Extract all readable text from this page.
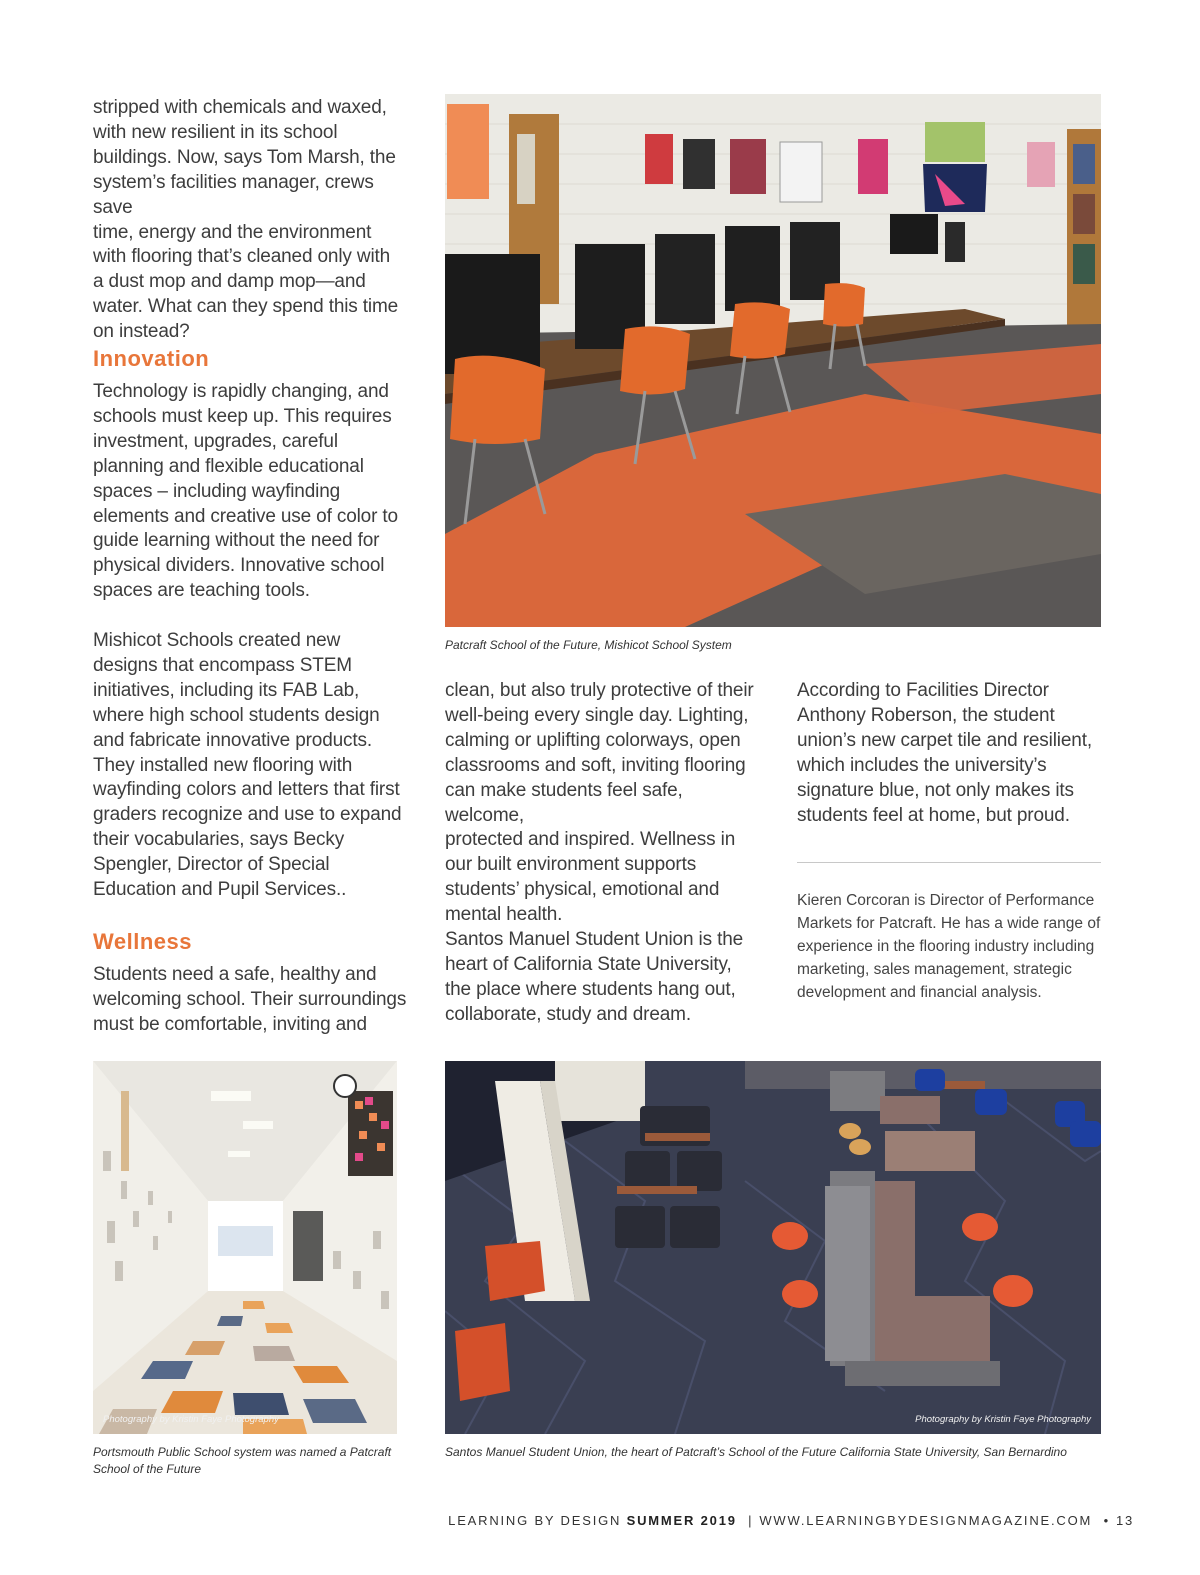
stripped with chemicals and waxed,

with new resilient in its school

buildings. Now, says Tom Marsh, the

system’s facilities manager, crews save

time, energy and the environment

with flooring that’s cleaned only with

a dust mop and damp mop—and

water. What can they spend this time

on instead?

Innovation

Technology is rapidly changing, and

schools must keep up. This requires

investment, upgrades, careful

planning and flexible educational

spaces – including wayfinding

elements and creative use of color to

guide learning without the need for

physical dividers. Innovative school

spaces are teaching tools.

Mishicot Schools created new

designs that encompass STEM

initiatives, including its FAB Lab,

where high school students design

and fabricate innovative products.

They installed new flooring with

wayfinding colors and letters that first

graders recognize and use to expand

their vocabularies, says Becky

Spengler, Director of Special

Education and Pupil Services..

Wellness

Students need a safe, healthy and

welcoming school. Their surroundings

must be comfortable, inviting and

Patcraft School of the Future, Mishicot School System

clean, but also truly protective of their

well-being every single day. Lighting,

calming or uplifting colorways, open

classrooms and soft, inviting flooring

can make students feel safe, welcome,

protected and inspired. Wellness in

our built environment supports

students’ physical, emotional and

mental health.

Santos Manuel Student Union is the

heart of California State University,

the place where students hang out,

collaborate, study and dream.

According to Facilities Director

Anthony Roberson, the student

union’s new carpet tile and resilient,

which includes the university’s

signature blue, not only makes its

students feel at home, but proud.

Kieren Corcoran is Director of Performance

Markets for Patcraft. He has a wide range of

experience in the flooring industry including

marketing, sales management, strategic

development and financial analysis.

Photography by Kristin Faye Photography
Portsmouth Public School system was named a Patcraft
School of the Future
Photography by Kristin Faye Photography
Santos Manuel Student Union, the heart of Patcraft’s School of the Future California State University, San Bernardino
LEARNING BY DESIGN SUMMER 2019 | WWW.LEARNINGBYDESIGNMAGAZINE.COM • 13
